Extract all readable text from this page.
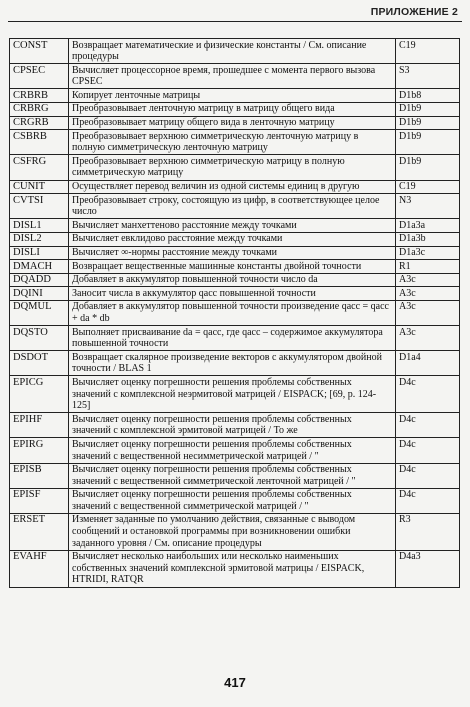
ПРИЛОЖЕНИЕ 2
CONST	Возвращает математические и физические константы / См. описание процедуры	C19
CPSEC	Вычисляет процессорное время, прошедшее с момента первого вызова CPSEC	S3
CRBRB	Копирует ленточные матрицы	D1b8
CRBRG	Преобразовывает ленточную матрицу в матрицу общего вида	D1b9
CRGRB	Преобразовывает матрицу общего вида в ленточную матрицу	D1b9
CSBRB	Преобразовывает верхнюю симметрическую ленточную матрицу в полную симметрическую ленточную матрицу	D1b9
CSFRG	Преобразовывает верхнюю симметрическую матрицу в полную симметрическую матрицу	D1b9
CUNIT	Осуществляет перевод величин из одной системы единиц в другую	C19
CVTSI	Преобразовывает строку, состоящую из цифр, в соответствующее целое число	N3
DISL1	Вычисляет манхеттеново расстояние между точками	D1a3a
DISL2	Вычисляет евклидово расстояние между точками	D1a3b
DISLI	Вычисляет ∞-нормы расстояние между точками	D1a3c
DMACH	Возвращает вещественные машинные константы двойной точности	R1
DQADD	Добавляет в аккумулятор повышенной точности число da	A3c
DQINI	Заносит числа в аккумулятор qacc повышенной точности	A3c
DQMUL	Добавляет в аккумулятор повышенной точности произведение qacc = qacc + da * db	A3c
DQSTO	Выполняет присваивание da = qacc, где qacc – содержимое аккумулятора повышенной точности	A3c
DSDOT	Возвращает скалярное произведение векторов с аккумулятором двойной точности / BLAS 1	D1a4
EPICG	Вычисляет оценку погрешности решения проблемы собственных значений с комплексной неэрмитовой матрицей / EISPACK; [69, р. 124-125]	D4c
EPIHF	Вычисляет оценку погрешности решения проблемы собственных значений с комплексной эрмитовой матрицей / То же	D4c
EPIRG	Вычисляет оценку погрешности решения проблемы собственных значений с вещественной несимметрической матрицей / "	D4c
EPISB	Вычисляет оценку погрешности решения проблемы собственных значений с вещественной симметрической ленточной матрицей / "	D4c
EPISF	Вычисляет оценку погрешности решения проблемы собственных значений с вещественной симметрической матрицей / "	D4c
ERSET	Изменяет заданные по умолчанию действия, связанные с выводом сообщений и остановкой программы при возникновении ошибки заданного уровня / См. описание процедуры	R3
EVAHF	Вычисляет несколько наибольших или несколько наименьших собственных значений комплексной эрмитовой матрицы / EISPACK, HTRIDI, RATQR	D4a3
417
